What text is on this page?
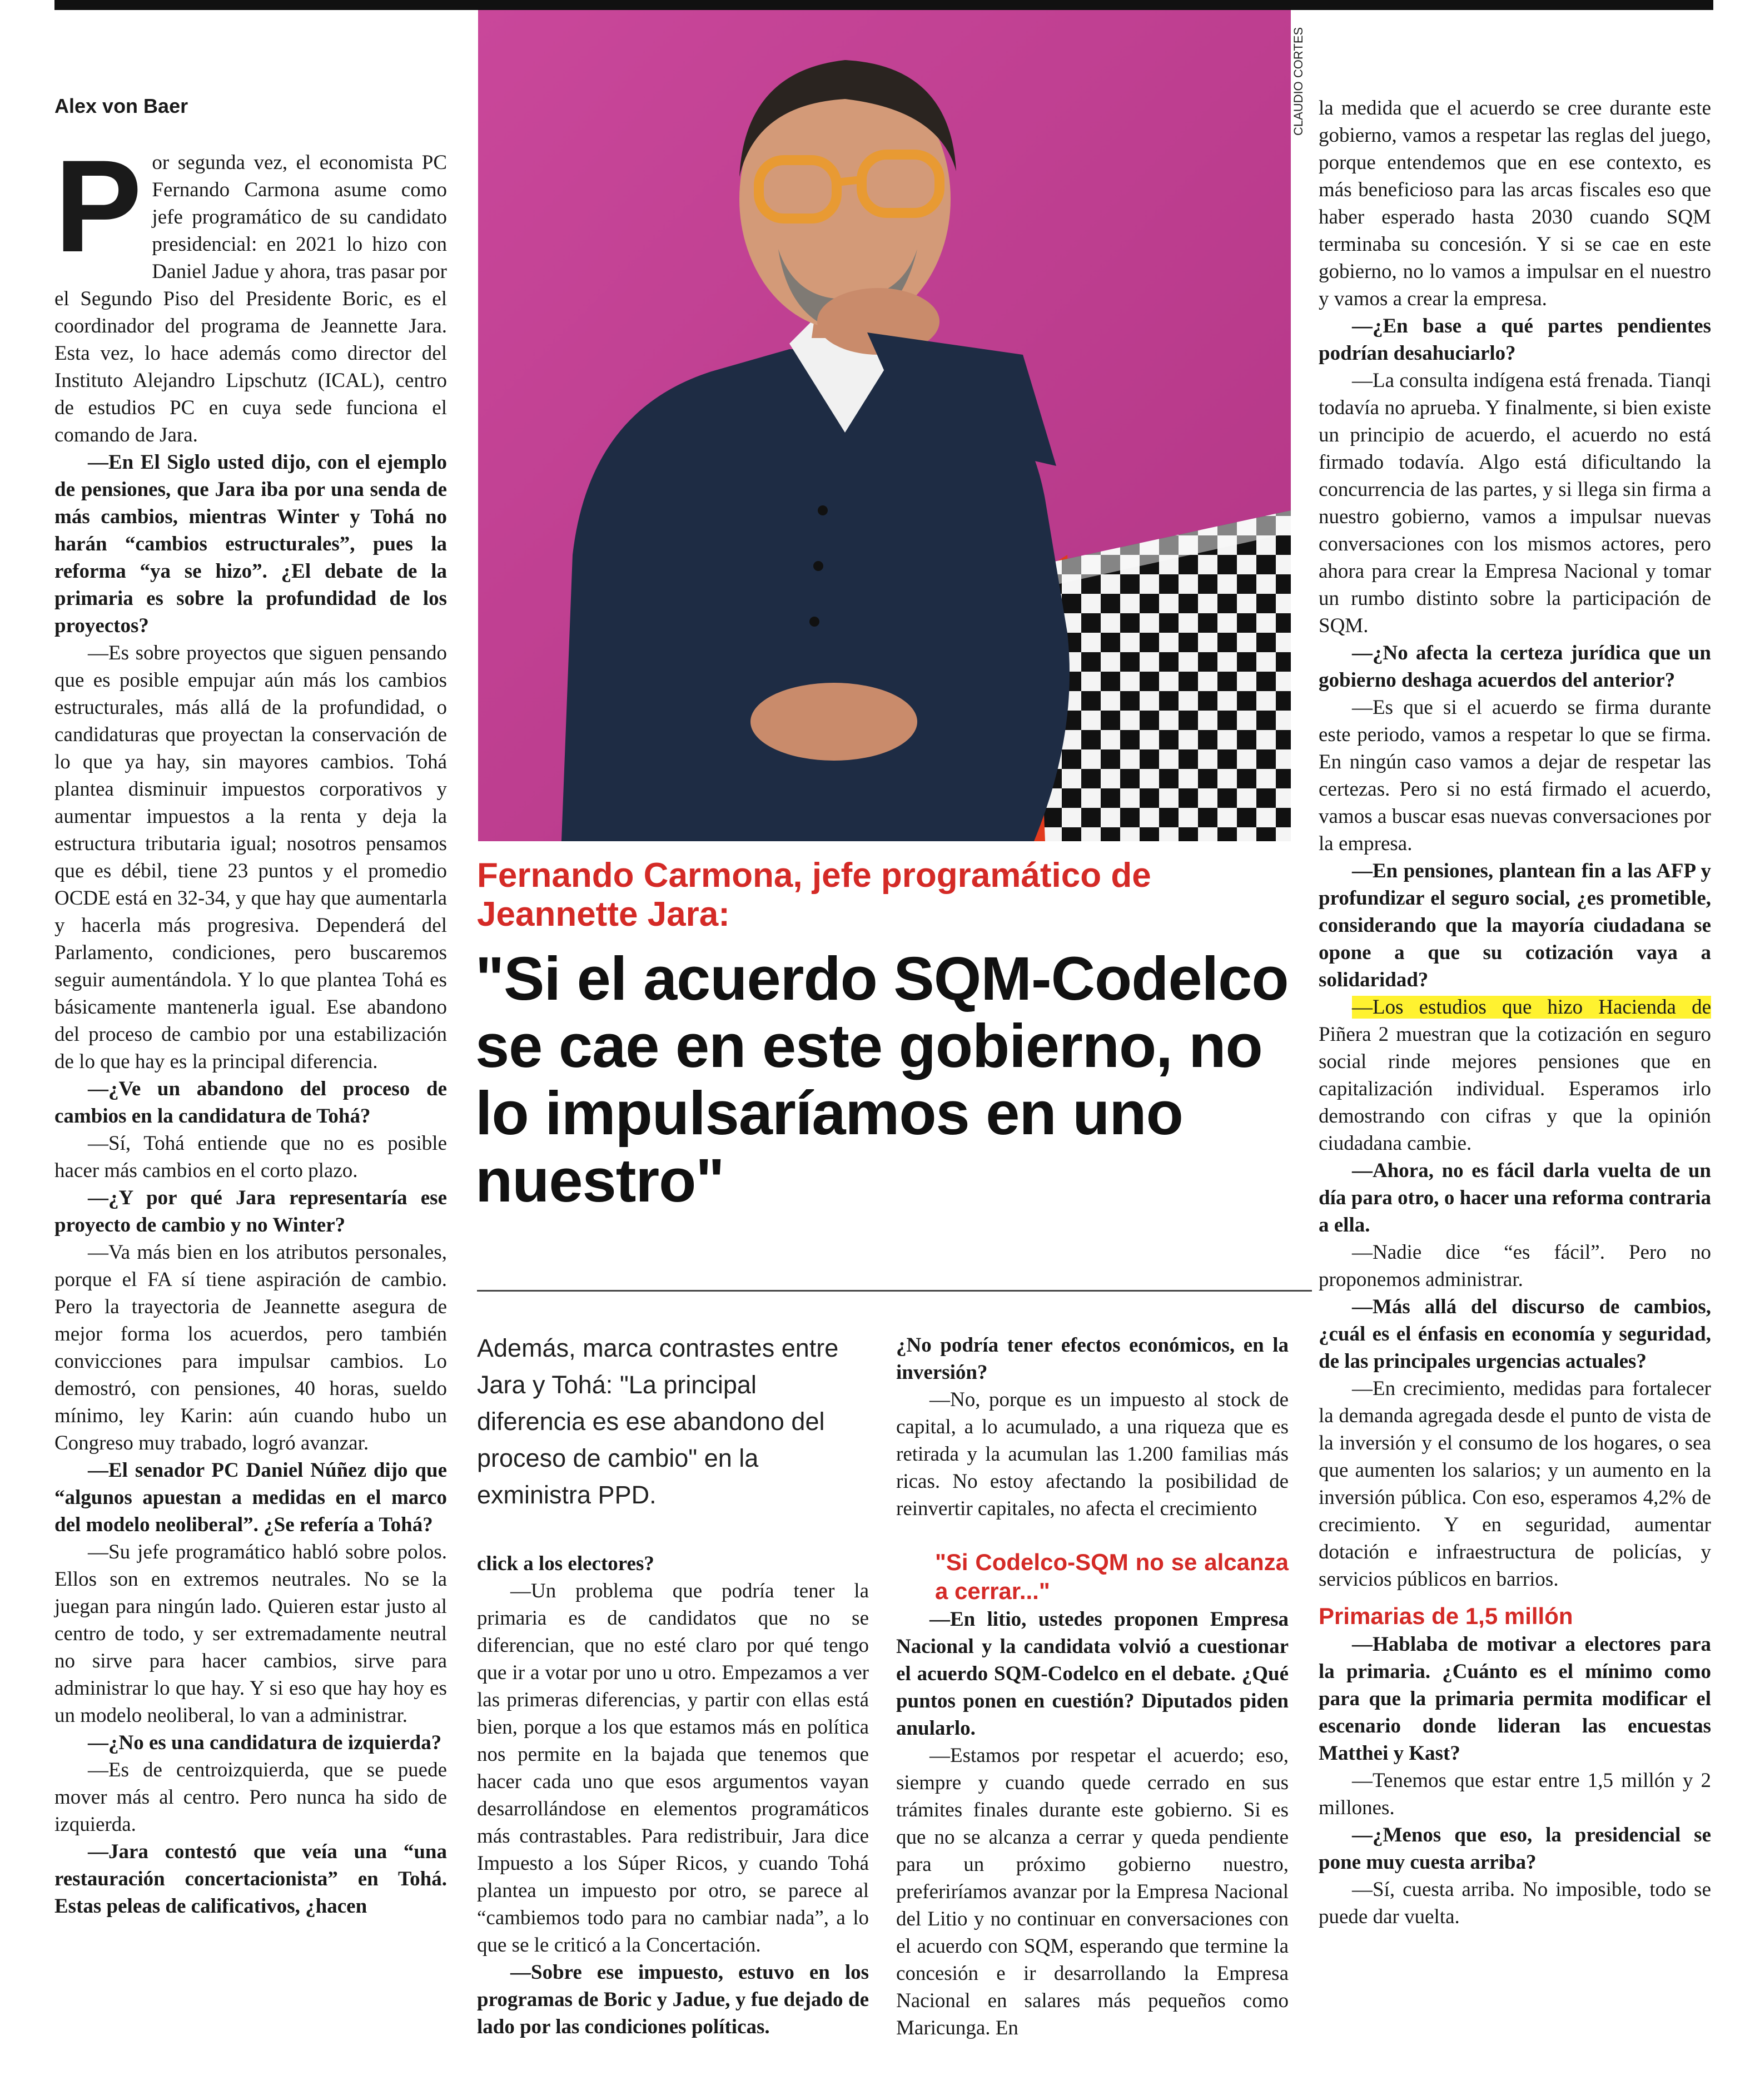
Alex von Baer

Por segunda vez, el economista PC Fernando Carmona asume como jefe programático de su candidato presidencial: en 2021 lo hizo con Daniel Jadue y ahora, tras pasar por el Segundo Piso del Presidente Boric, es el coordinador del programa de Jeannette Jara. Esta vez, lo hace además como director del Instituto Alejandro Lipschutz (ICAL), centro de estudios PC en cuya sede funciona el comando de Jara.

—En El Siglo usted dijo, con el ejemplo de pensiones, que Jara iba por una senda de más cambios, mientras Winter y Tohá no harán “cambios estructurales”, pues la reforma “ya se hizo”. ¿El debate de la primaria es sobre la profundidad de los proyectos?

—Es sobre proyectos que siguen pensando que es posible empujar aún más los cambios estructurales, más allá de la profundidad, o candidaturas que proyectan la conservación de lo que ya hay, sin mayores cambios. Tohá plantea disminuir impuestos corporativos y aumentar impuestos a la renta y deja la estructura tributaria igual; nosotros pensamos que es débil, tiene 23 puntos y el promedio OCDE está en 32-34, y que hay que aumentarla y hacerla más progresiva. Dependerá del Parlamento, condiciones, pero buscaremos seguir aumentándola. Y lo que plantea Tohá es básicamente mantenerla igual. Ese abandono del proceso de cambio por una estabilización de lo que hay es la principal diferencia.

—¿Ve un abandono del proceso de cambios en la candidatura de Tohá?

—Sí, Tohá entiende que no es posible hacer más cambios en el corto plazo.

—¿Y por qué Jara representaría ese proyecto de cambio y no Winter?

—Va más bien en los atributos personales, porque el FA sí tiene aspiración de cambio. Pero la trayectoria de Jeannette asegura de mejor forma los acuerdos, pero también convicciones para impulsar cambios. Lo demostró, con pensiones, 40 horas, sueldo mínimo, ley Karin: aún cuando hubo un Congreso muy trabado, logró avanzar.

—El senador PC Daniel Núñez dijo que “algunos apuestan a medidas en el marco del modelo neoliberal”. ¿Se refería a Tohá?

—Su jefe programático habló sobre polos. Ellos son en extremos neutrales. No se la juegan para ningún lado. Quieren estar justo al centro de todo, y ser extremadamente neutral no sirve para hacer cambios, sirve para administrar lo que hay. Y si eso que hay hoy es un modelo neoliberal, lo van a administrar.

—¿No es una candidatura de izquierda?

—Es de centroizquierda, que se puede mover más al centro. Pero nunca ha sido de izquierda.

—Jara contestó que veía una “una restauración concertacionista” en Tohá. Estas peleas de calificativos, ¿hacen

CLAUDIO CORTES
Fernando Carmona, jefe programático de Jeannette Jara:
"Si el acuerdo SQM-Codelco se cae en este gobierno, no lo impulsaríamos en uno nuestro"
Además, marca contrastes entre Jara y Tohá: "La principal diferencia es ese abandono del proceso de cambio" en la exministra PPD.

click a los electores?

—Un problema que podría tener la primaria es de candidatos que no se diferencian, que no esté claro por qué tengo que ir a votar por uno u otro. Empezamos a ver las primeras diferencias, y partir con ellas está bien, porque a los que estamos más en política nos permite en la bajada que tenemos que hacer cada uno que esos argumentos vayan desarrollándose en elementos programáticos más contrastables. Para redistribuir, Jara dice Impuesto a los Súper Ricos, y cuando Tohá plantea un impuesto por otro, se parece al “cambiemos todo para no cambiar nada”, a lo que se le criticó a la Concertación.

—Sobre ese impuesto, estuvo en los programas de Boric y Jadue, y fue dejado de lado por las condiciones políticas.

¿No podría tener efectos económicos, en la inversión?

—No, porque es un impuesto al stock de capital, a lo acumulado, a una riqueza que es retirada y la acumulan las 1.200 familias más ricas. No estoy afectando la posibilidad de reinvertir capitales, no afecta el crecimiento

"Si Codelco-SQM no se alcanza a cerrar..."

—En litio, ustedes proponen Empresa Nacional y la candidata volvió a cuestionar el acuerdo SQM-Codelco en el debate. ¿Qué puntos ponen en cuestión? Diputados piden anularlo.

—Estamos por respetar el acuerdo; eso, siempre y cuando quede cerrado en sus trámites finales durante este gobierno. Si es que no se alcanza a cerrar y queda pendiente para un próximo gobierno nuestro, preferiríamos avanzar por la Empresa Nacional del Litio y no continuar en conversaciones con el acuerdo con SQM, esperando que termine la concesión e ir desarrollando la Empresa Nacional en salares más pequeños como Maricunga. En

la medida que el acuerdo se cree durante este gobierno, vamos a respetar las reglas del juego, porque entendemos que en ese contexto, es más beneficioso para las arcas fiscales eso que haber esperado hasta 2030 cuando SQM terminaba su concesión. Y si se cae en este gobierno, no lo vamos a impulsar en el nuestro y vamos a crear la empresa.

—¿En base a qué partes pendientes podrían desahuciarlo?

—La consulta indígena está frenada. Tianqi todavía no aprueba. Y finalmente, si bien existe un principio de acuerdo, el acuerdo no está firmado todavía. Algo está dificultando la concurrencia de las partes, y si llega sin firma a nuestro gobierno, vamos a impulsar nuevas conversaciones con los mismos actores, pero ahora para crear la Empresa Nacional y tomar un rumbo distinto sobre la participación de SQM.

—¿No afecta la certeza jurídica que un gobierno deshaga acuerdos del anterior?

—Es que si el acuerdo se firma durante este periodo, vamos a respetar lo que se firma. En ningún caso vamos a dejar de respetar las certezas. Pero si no está firmado el acuerdo, vamos a buscar esas nuevas conversaciones por la empresa.

—En pensiones, plantean fin a las AFP y profundizar el seguro social, ¿es prometible, considerando que la mayoría ciudadana se opone a que su cotización vaya a solidaridad?

—Los estudios que hizo Hacienda de Piñera 2 muestran que la cotización en seguro social rinde mejores pensiones que en capitalización individual. Esperamos irlo demostrando con cifras y que la opinión ciudadana cambie.

—Ahora, no es fácil darla vuelta de un día para otro, o hacer una reforma contraria a ella.

—Nadie dice “es fácil”. Pero no proponemos administrar.

—Más allá del discurso de cambios, ¿cuál es el énfasis en economía y seguridad, de las principales urgencias actuales?

—En crecimiento, medidas para fortalecer la demanda agregada desde el punto de vista de la inversión y el consumo de los hogares, o sea que aumenten los salarios; y un aumento en la inversión pública. Con eso, esperamos 4,2% de crecimiento. Y en seguridad, aumentar dotación e infraestructura de policías, y servicios públicos en barrios.

Primarias de 1,5 millón

—Hablaba de motivar a electores para la primaria. ¿Cuánto es el mínimo como para que la primaria permita modificar el escenario donde lideran las encuestas Matthei y Kast?

—Tenemos que estar entre 1,5 millón y 2 millones.

—¿Menos que eso, la presidencial se pone muy cuesta arriba?

—Sí, cuesta arriba. No imposible, todo se puede dar vuelta.
